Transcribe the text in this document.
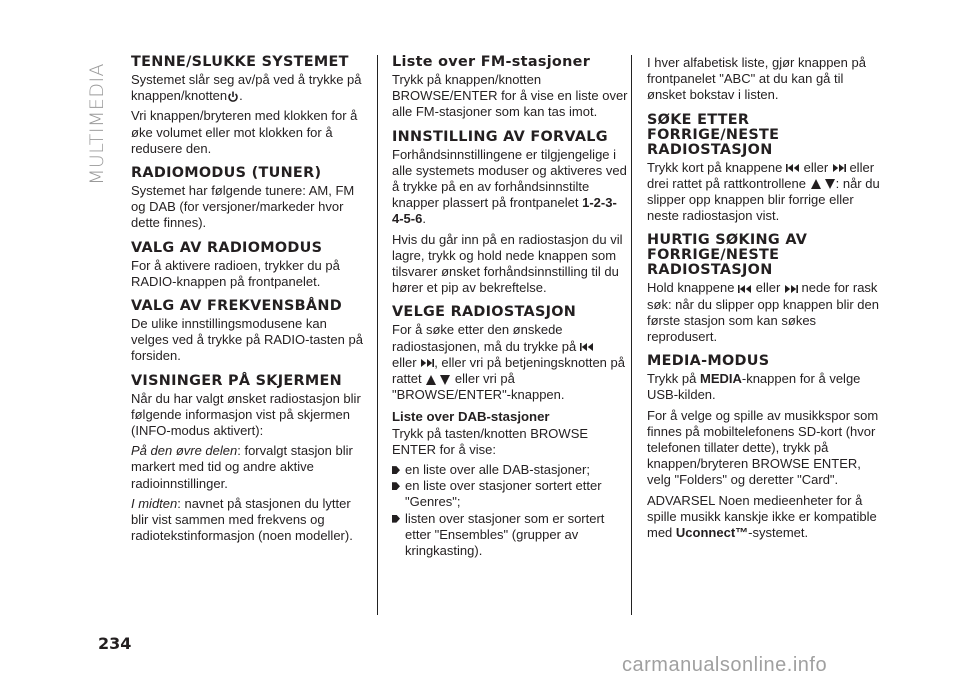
MULTIMEDIA
TENNE/SLUKKE SYSTEMET

Systemet slår seg av/på ved å trykke på knappen/knotten .

Vri knappen/bryteren med klokken for å øke volumet eller mot klokken for å redusere den.

RADIOMODUS (TUNER)

Systemet har følgende tunere: AM, FM og DAB (for versjoner/markeder hvor dette finnes).

VALG AV RADIOMODUS

For å aktivere radioen, trykker du på RADIO-knappen på frontpanelet.

VALG AV FREKVENSBÅND

De ulike innstillingsmodusene kan velges ved å trykke på RADIO-tasten på forsiden.

VISNINGER PÅ SKJERMEN

Når du har valgt ønsket radiostasjon blir følgende informasjon vist på skjermen (INFO-modus aktivert):

På den øvre delen: forvalgt stasjon blir markert med tid og andre aktive radioinnstillinger.

I midten: navnet på stasjonen du lytter blir vist sammen med frekvens og radiotekstinformasjon (noen modeller).

Liste over FM-stasjoner

Trykk på knappen/knotten BROWSE/ENTER for å vise en liste over alle FM-stasjoner som kan tas imot.

INNSTILLING AV FORVALG

Forhåndsinnstillingene er tilgjengelige i alle systemets moduser og aktiveres ved å trykke på en av forhåndsinnstilte knapper plassert på frontpanelet 1-2-3-4-5-6.

Hvis du går inn på en radiostasjon du vil lagre, trykk og hold nede knappen som tilsvarer ønsket forhåndsinnstilling til du hører et pip av bekreftelse.

VELGE RADIOSTASJON

For å søke etter den ønskede radiostasjonen, må du trykke på
eller , eller vri på betjeningsknotten på rattet	eller vri på "BROWSE/ENTER"-knappen.

Liste over DAB-stasjoner

Trykk på tasten/knotten BROWSE ENTER for å vise:

en liste over alle DAB-stasjoner;
en liste over stasjoner sortert etter "Genres";
listen over stasjoner som er sortert etter "Ensembles" (grupper av kringkasting).

I hver alfabetisk liste, gjør knappen på frontpanelet "ABC" at du kan gå til ønsket bokstav i listen.

SØKE ETTER FORRIGE/NESTE RADIOSTASJON

Trykk kort på knappene eller eller drei rattet på rattkontrollene : når du slipper opp knappen blir forrige eller neste radiostasjon vist.

HURTIG SØKING AV FORRIGE/NESTE RADIOSTASJON

Hold knappene eller nede for rask søk: når du slipper opp knappen blir den første stasjon som kan søkes reprodusert.

MEDIA-MODUS

Trykk på MEDIA-knappen for å velge USB-kilden.

For å velge og spille av musikkspor som finnes på mobiltelefonens SD-kort (hvor telefonen tillater dette), trykk på knappen/bryteren BROWSE ENTER, velg "Folders" og deretter "Card".

ADVARSEL Noen medieenheter for å spille musikk kanskje ikke er kompatible med Uconnect™-systemet.

234
carmanualsonline.info
